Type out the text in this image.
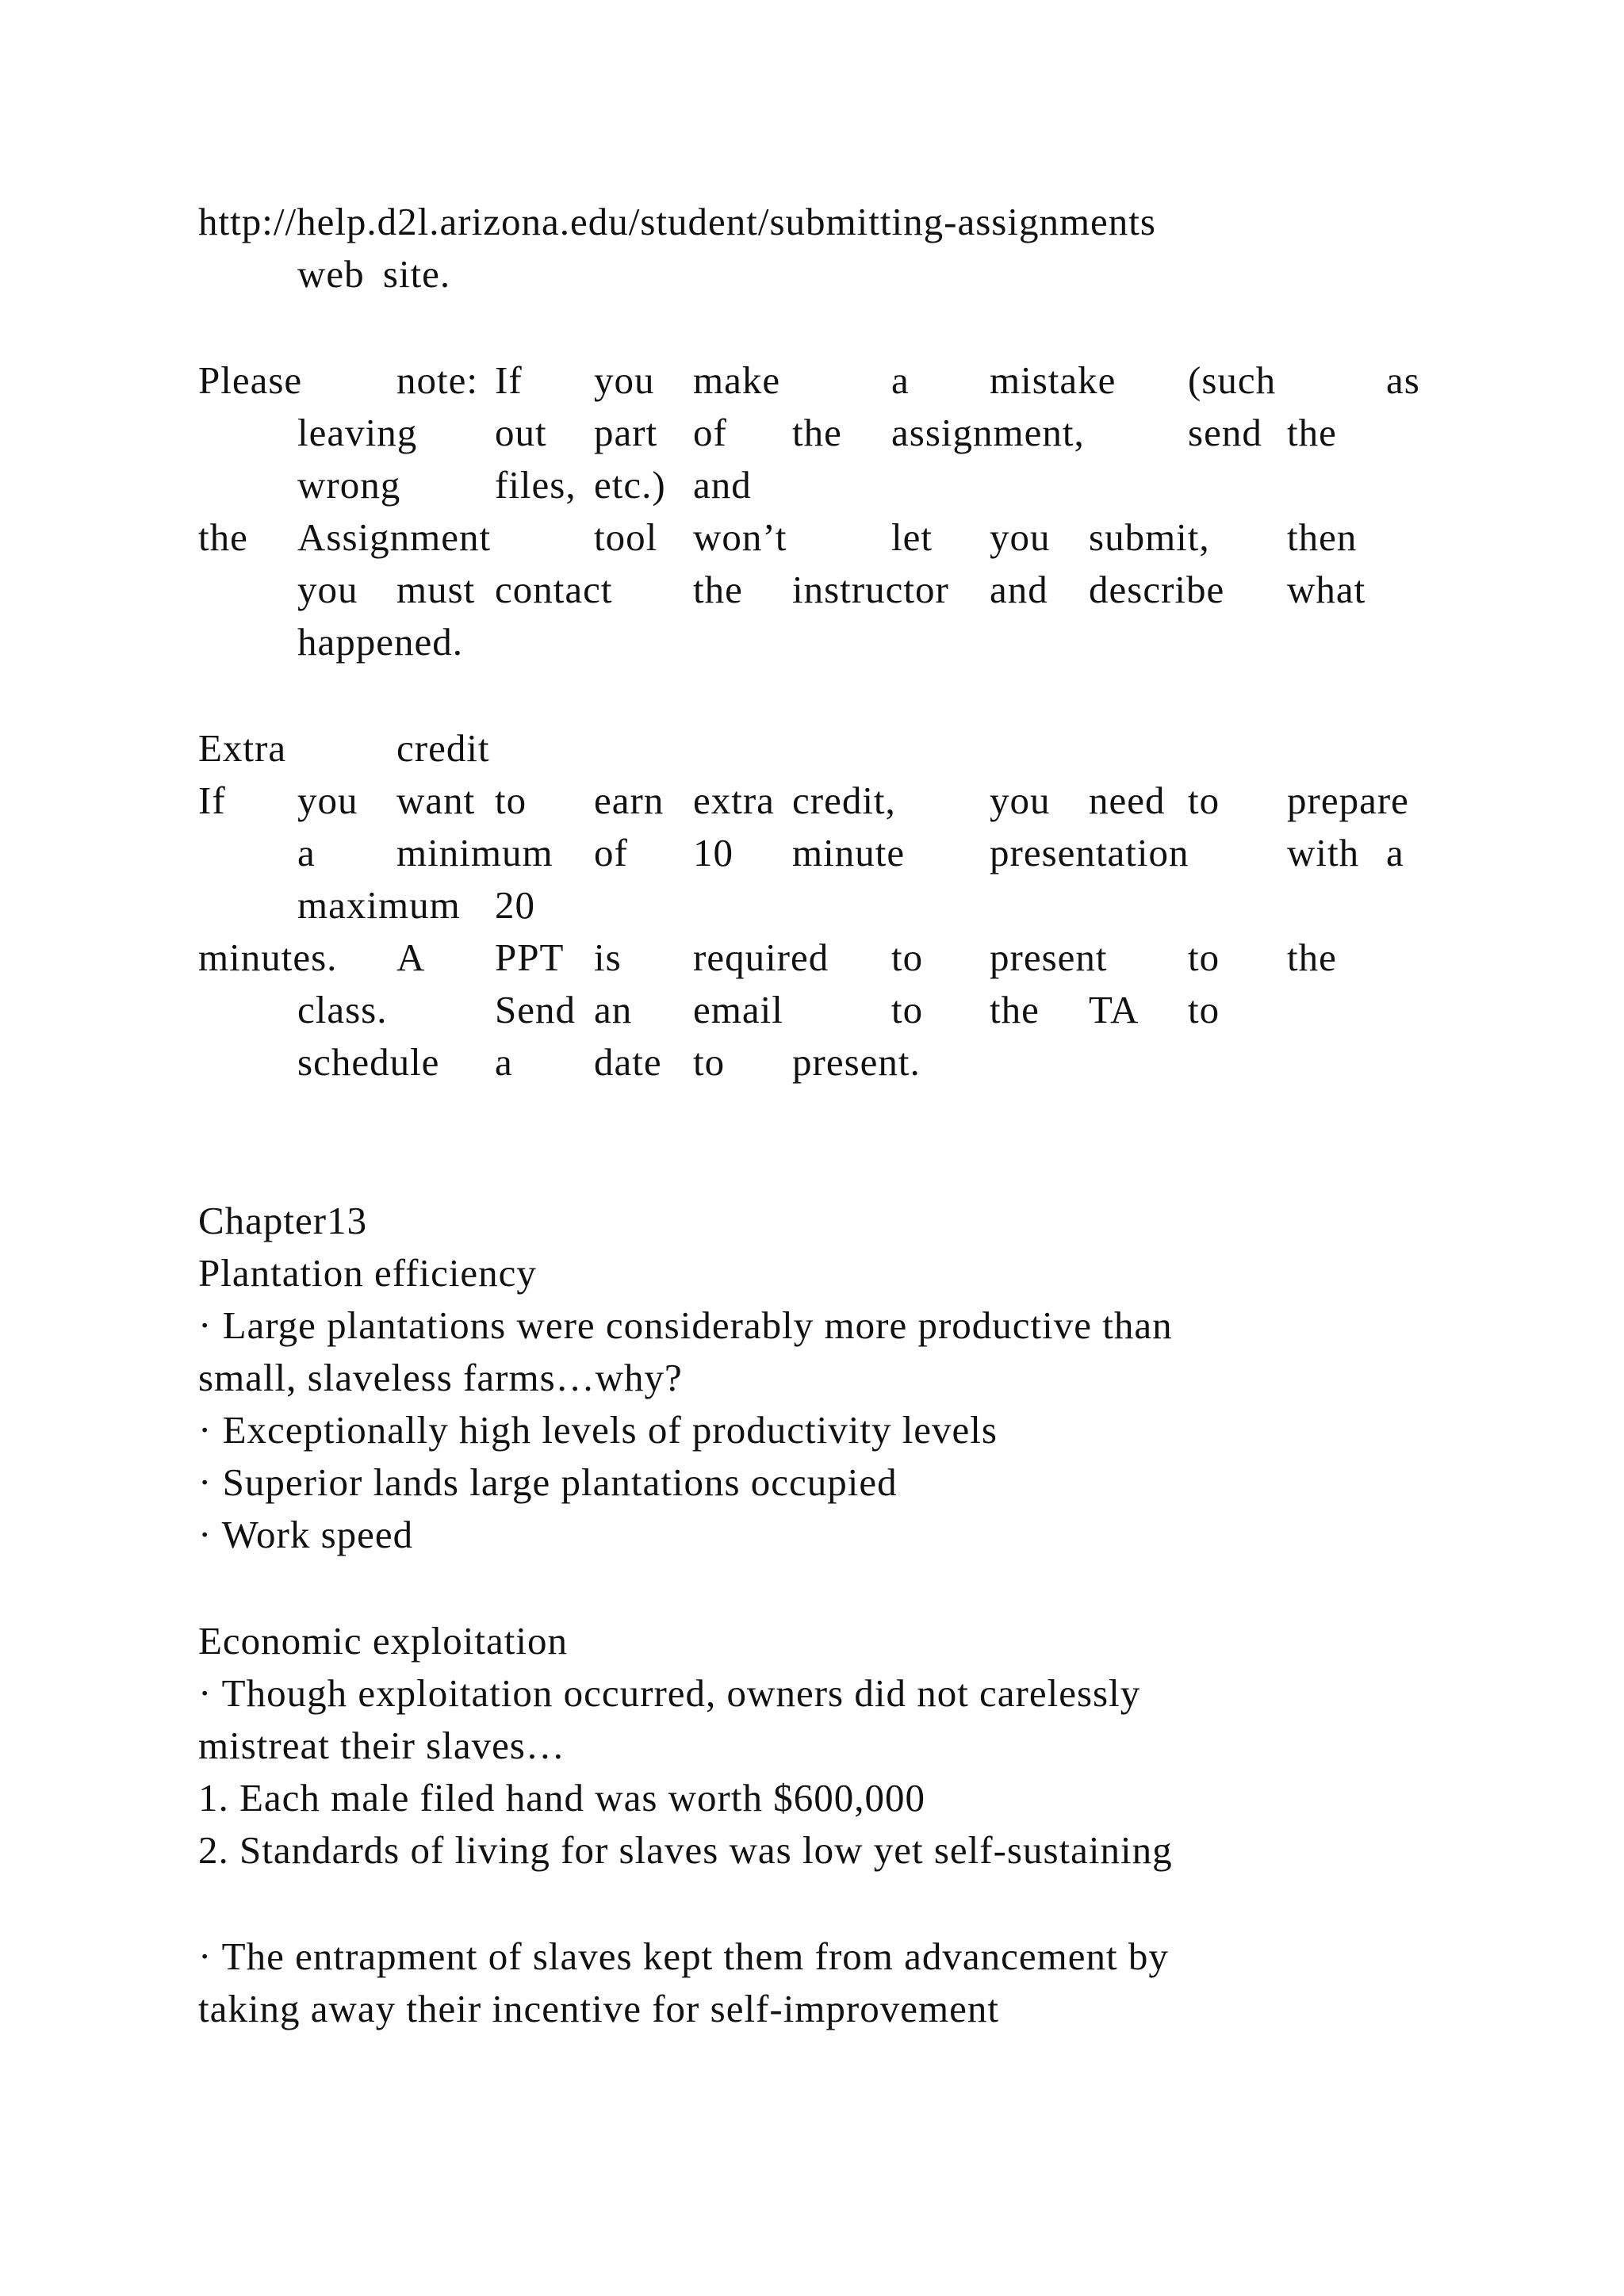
http://help.d2l.arizona.edu/student/submitting-assignments
web site.
Please note: If you make	a mistake (such	as
leaving out part of the assignment,	send the
wrong files, etc.) and
the Assignment	tool won’t	let you submit, then
you must contact the instructor and describe what
happened.
Extra	credit
If you want to earn extra credit, you need to prepare
a minimum of 10 minute presentation	with a
maximum 20
minutes. A PPT is required to present to the
class.	Send an email	to the TA to
schedule a date to present.
Chapter13
Plantation efficiency
· Large plantations were considerably more productive than
small, slaveless farms…why?
· Exceptionally high levels of productivity levels
· Superior lands large plantations occupied
· Work speed
Economic exploitation
· Though exploitation occurred, owners did not carelessly
mistreat their slaves…
1. Each male filed hand was worth $600,000
2. Standards of living for slaves was low yet self-sustaining
· The entrapment of slaves kept them from advancement by
taking away their incentive for self-improvement
